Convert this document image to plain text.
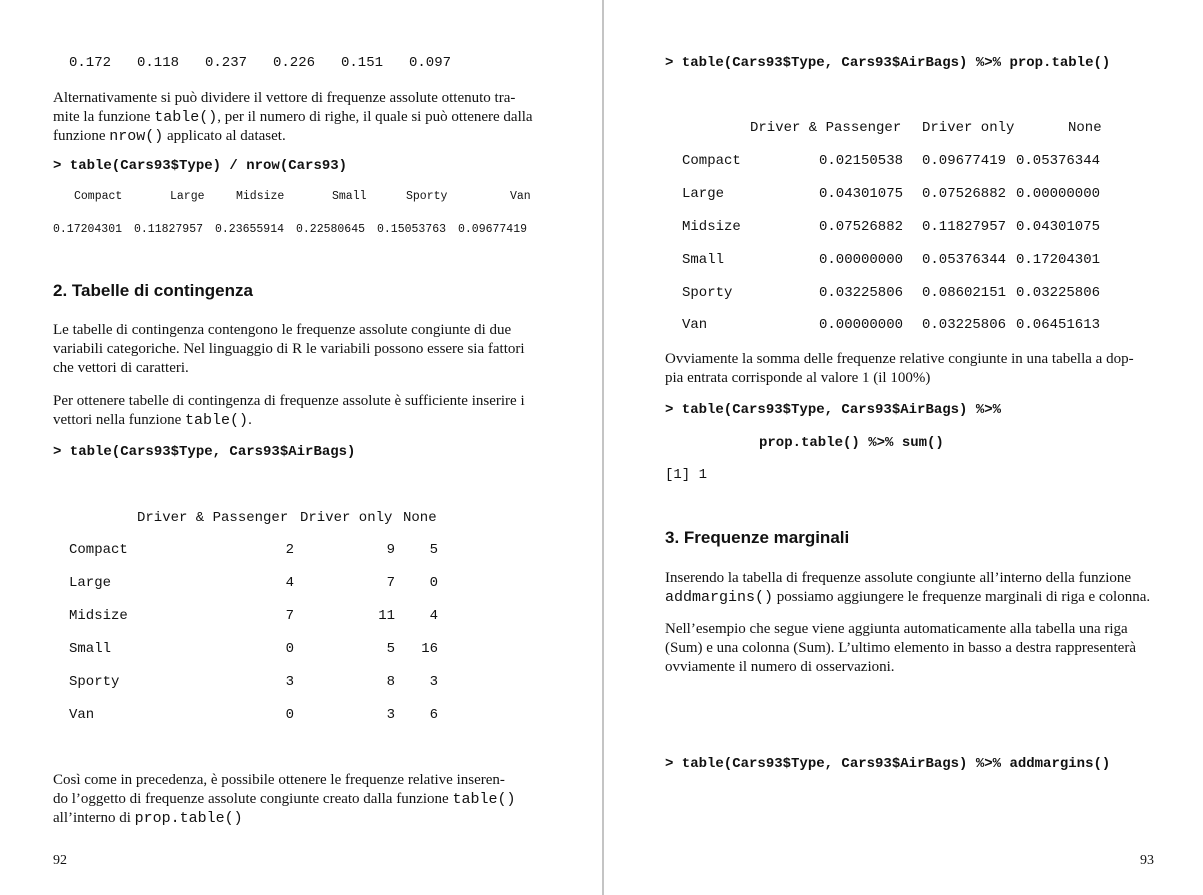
0.172 0.118 0.237 0.226 0.151 0.097
Alternativamente si può dividere il vettore di frequenze assolute ottenuto tra-
mite la funzione table(), per il numero di righe, il quale si può ottenere dalla
funzione nrow() applicato al dataset.
> table(Cars93$Type) / nrow(Cars93)
Compact	Large	Midsize	Small	Sporty	Van
0.17204301 0.11827957 0.23655914 0.22580645 0.15053763 0.09677419
2. Tabelle di contingenza
Le tabelle di contingenza contengono le frequenze assolute congiunte di due
variabili categoriche. Nel linguaggio di R le variabili possono essere sia fattori
che vettori di caratteri.
Per ottenere tabelle di contingenza di frequenze assolute è sufficiente inserire i
vettori nella funzione table().
> table(Cars93$Type, Cars93$AirBags)
Driver & Passenger Driver only None
Compact	2	9	5
Large	4	7	0
Midsize	7	11	4
Small	0	5	16
Sporty	3	8	3
Van	0	3	6
Così come in precedenza, è possibile ottenere le frequenze relative inseren-
do l’oggetto di frequenze assolute congiunte creato dalla funzione table()
all’interno di prop.table()
92
> table(Cars93$Type, Cars93$AirBags) %>% prop.table()
Driver & Passenger Driver only	None
Compact	0.02150538 0.09677419 0.05376344
Large	0.04301075 0.07526882 0.00000000
Midsize	0.07526882 0.11827957 0.04301075
Small	0.00000000 0.05376344 0.17204301
Sporty	0.03225806 0.08602151 0.03225806
Van	0.00000000 0.03225806 0.06451613
Ovviamente la somma delle frequenze relative congiunte in una tabella a dop-
pia entrata corrisponde al valore 1 (il 100%)
> table(Cars93$Type, Cars93$AirBags) %>%
prop.table() %>% sum()
[1] 1
3. Frequenze marginali
Inserendo la tabella di frequenze assolute congiunte all’interno della funzione
addmargins() possiamo aggiungere le frequenze marginali di riga e colonna.
Nell’esempio che segue viene aggiunta automaticamente alla tabella una riga
(Sum) e una colonna (Sum). L’ultimo elemento in basso a destra rappresenterà
ovviamente il numero di osservazioni.
> table(Cars93$Type, Cars93$AirBags) %>% addmargins()
93
